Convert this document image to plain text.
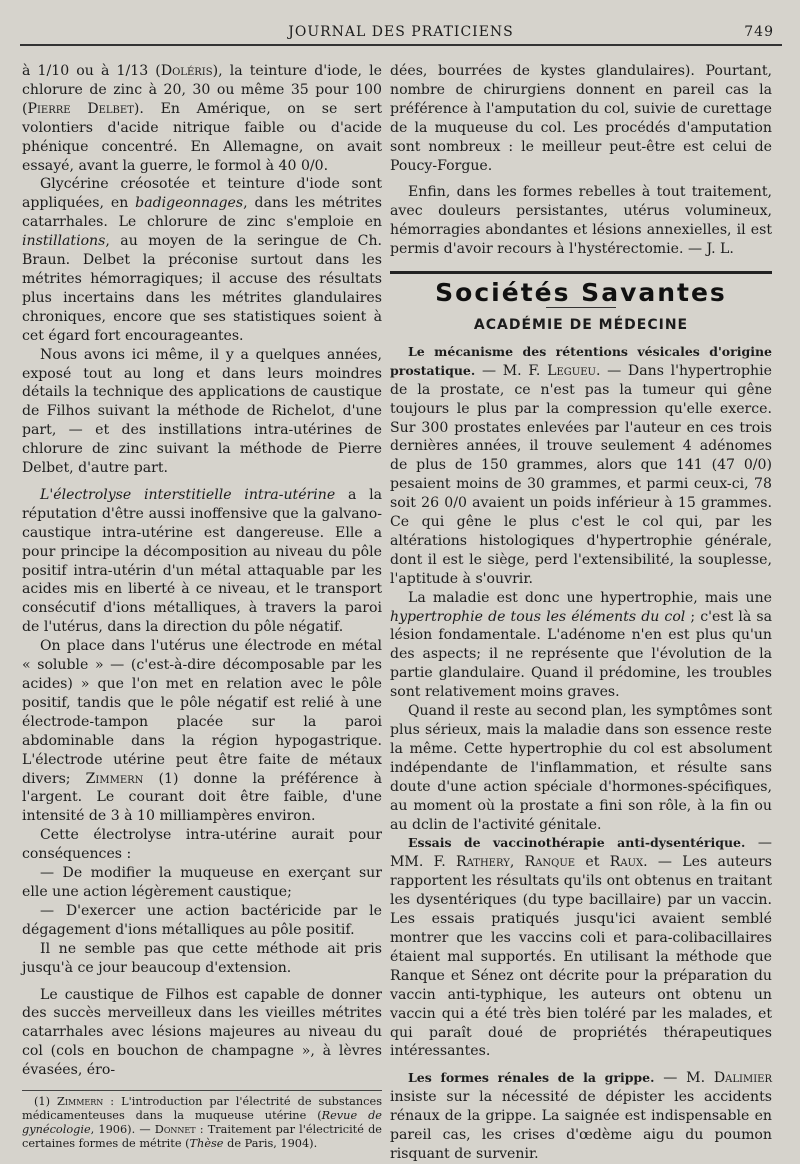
JOURNAL DES PRATICIENS	749

à 1/10 ou à 1/13 (Doléris), la teinture d'iode, le chlorure de zinc à 20, 30 ou même 35 pour 100 (Pierre Delbet). En Amérique, on se sert volontiers d'acide nitrique faible ou d'acide phénique concentré. En Allemagne, on avait essayé, avant la guerre, le formol à 40 0/0.

Glycérine créosotée et teinture d'iode sont appliquées, en badigeonnages, dans les métrites catarrhales. Le chlorure de zinc s'emploie en instillations, au moyen de la seringue de Ch. Braun. Delbet la préconise surtout dans les métrites hémorragiques; il accuse des résultats plus incertains dans les métrites glandulaires chroniques, encore que ses statistiques soient à cet égard fort encourageantes.

Nous avons ici même, il y a quelques années, exposé tout au long et dans leurs moindres détails la technique des applications de caustique de Filhos suivant la méthode de Richelot, d'une part, — et des instillations intra-utérines de chlorure de zinc suivant la méthode de Pierre Delbet, d'autre part.

L'électrolyse interstitielle intra-utérine a la réputation d'être aussi inoffensive que la galvano-caustique intra-utérine est dangereuse. Elle a pour principe la décomposition au niveau du pôle positif intra-utérin d'un métal attaquable par les acides mis en liberté à ce niveau, et le transport consécutif d'ions métalliques, à travers la paroi de l'utérus, dans la direction du pôle négatif.

On place dans l'utérus une électrode en métal « soluble » — (c'est-à-dire décomposable par les acides) » que l'on met en relation avec le pôle positif, tandis que le pôle négatif est relié à une électrode-tampon placée sur la paroi abdominable dans la région hypogastrique. L'électrode utérine peut être faite de métaux divers; Zimmern (1) donne la préférence à l'argent. Le courant doit être faible, d'une intensité de 3 à 10 milliampères environ.

Cette électrolyse intra-utérine aurait pour conséquences :

— De modifier la muqueuse en exerçant sur elle une action légèrement caustique;

— D'exercer une action bactéricide par le dégagement d'ions métalliques au pôle positif.

Il ne semble pas que cette méthode ait pris jusqu'à ce jour beaucoup d'extension.

Le caustique de Filhos est capable de donner des succès merveilleux dans les vieilles métrites catarrhales avec lésions majeures au niveau du col (cols en bouchon de champagne », à lèvres évasées, éro-

(1) Zimmern : L'introduction par l'électrité de substances médicamenteuses dans la muqueuse utérine (Revue de gynécologie, 1906). — Donnet : Traitement par l'électricité de certaines formes de métrite (Thèse de Paris, 1904).

dées, bourrées de kystes glandulaires). Pourtant, nombre de chirurgiens donnent en pareil cas la préférence à l'amputation du col, suivie de curettage de la muqueuse du col. Les procédés d'amputation sont nombreux : le meilleur peut-être est celui de Poucy-Forgue.

Enfin, dans les formes rebelles à tout traitement, avec douleurs persistantes, utérus volumineux, hémorragies abondantes et lésions annexielles, il est permis d'avoir recours à l'hystérectomie. — J. L.

Sociétés Savantes
ACADÉMIE DE MÉDECINE

Le mécanisme des rétentions vésicales d'origine prostatique. — M. F. Legueu. — Dans l'hypertrophie de la prostate, ce n'est pas la tumeur qui gêne toujours le plus par la compression qu'elle exerce. Sur 300 prostates enlevées par l'auteur en ces trois dernières années, il trouve seulement 4 adénomes de plus de 150 grammes, alors que 141 (47 0/0) pesaient moins de 30 grammes, et parmi ceux-ci, 78 soit 26 0/0 avaient un poids inférieur à 15 grammes. Ce qui gêne le plus c'est le col qui, par les altérations histologiques d'hypertrophie générale, dont il est le siège, perd l'extensibilité, la souplesse, l'aptitude à s'ouvrir.

La maladie est donc une hypertrophie, mais une hypertrophie de tous les éléments du col ; c'est là sa lésion fondamentale. L'adénome n'en est plus qu'un des aspects; il ne représente que l'évolution de la partie glandulaire. Quand il prédomine, les troubles sont relativement moins graves.

Quand il reste au second plan, les symptômes sont plus sérieux, mais la maladie dans son essence reste la même. Cette hypertrophie du col est absolument indépendante de l'inflammation, et résulte sans doute d'une action spéciale d'hormones-spécifiques, au moment où la prostate a fini son rôle, à la fin ou au dclin de l'activité génitale.

Essais de vaccinothérapie anti-dysentérique. — MM. F. Rathery, Ranque et Raux. — Les auteurs rapportent les résultats qu'ils ont obtenus en traitant les dysentériques (du type bacillaire) par un vaccin. Les essais pratiqués jusqu'ici avaient semblé montrer que les vaccins coli et para-colibacillaires étaient mal supportés. En utilisant la méthode que Ranque et Sénez ont décrite pour la préparation du vaccin anti-typhique, les auteurs ont obtenu un vaccin qui a été très bien toléré par les malades, et qui paraît doué de propriétés thérapeutiques intéressantes.

Les formes rénales de la grippe. — M. Dalimier insiste sur la nécessité de dépister les accidents rénaux de la grippe. La saignée est indispensable en pareil cas, les crises d'œdème aigu du poumon risquant de survenir.
